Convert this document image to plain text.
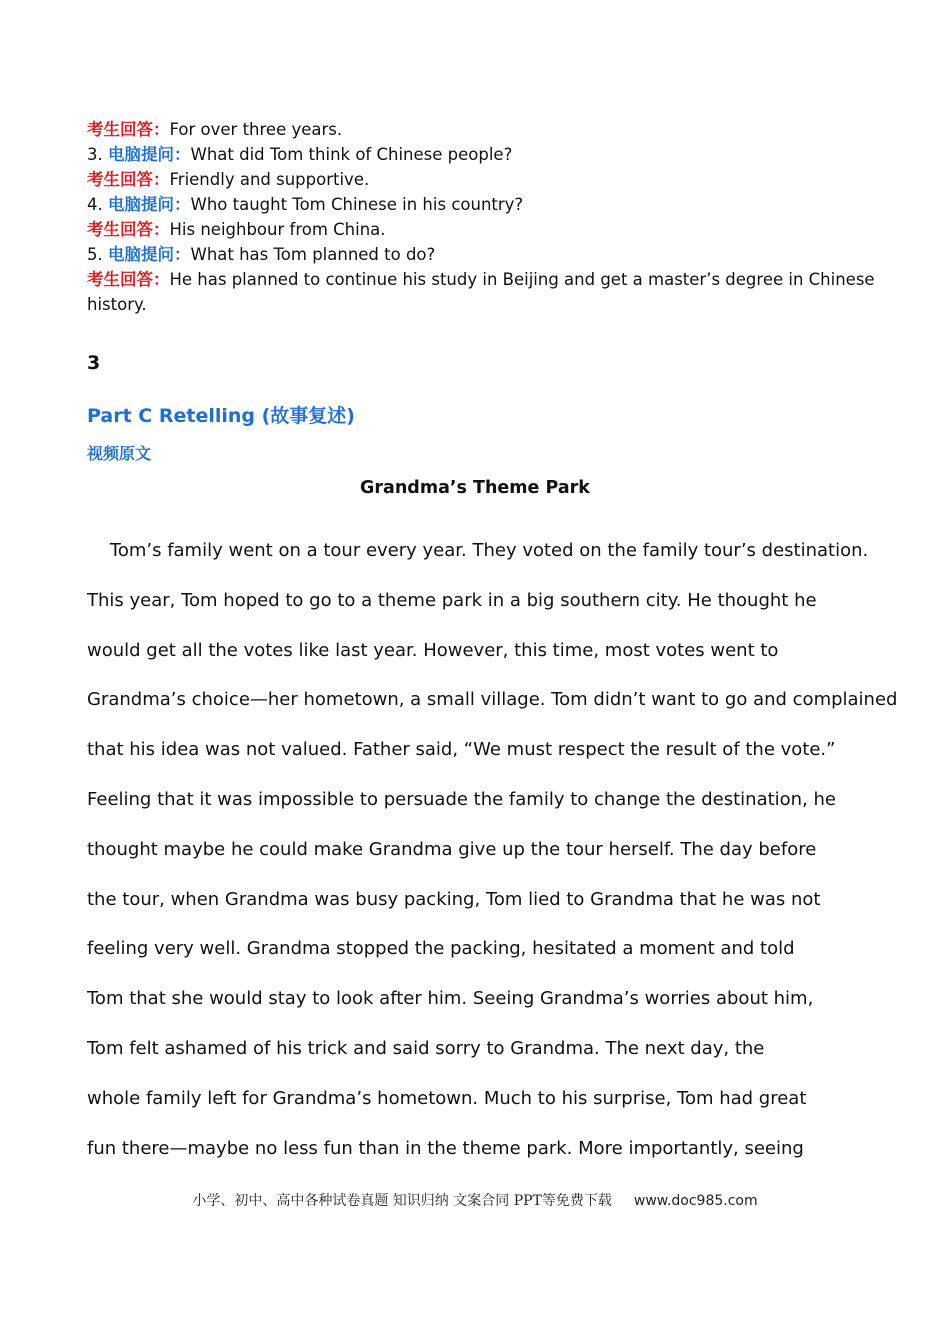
考生回答：For over three years.
3. 电脑提问：What did Tom think of Chinese people?
考生回答：Friendly and supportive.
4. 电脑提问：Who taught Tom Chinese in his country?
考生回答：His neighbour from China.
5. 电脑提问：What has Tom planned to do?
考生回答：He has planned to continue his study in Beijing and get a master’s degree in Chinese history.
3
Part C Retelling (故事复述)
视频原文
Grandma’s Theme Park
Tom’s family went on a tour every year. They voted on the family tour’s destination.
This year, Tom hoped to go to a theme park in a big southern city. He thought he
would get all the votes like last year. However, this time, most votes went to
Grandma’s choice—her hometown, a small village. Tom didn’t want to go and complained
that his idea was not valued. Father said, “We must respect the result of the vote.”
Feeling that it was impossible to persuade the family to change the destination, he
thought maybe he could make Grandma give up the tour herself. The day before
the tour, when Grandma was busy packing, Tom lied to Grandma that he was not
feeling very well. Grandma stopped the packing, hesitated a moment and told
Tom that she would stay to look after him. Seeing Grandma’s worries about him,
Tom felt ashamed of his trick and said sorry to Grandma. The next day, the
whole family left for Grandma’s hometown. Much to his surprise, Tom had great
fun there—maybe no less fun than in the theme park. More importantly, seeing
小学、初中、高中各种试卷真题 知识归纳 文案合同 PPT等免费下载 www.doc985.com
